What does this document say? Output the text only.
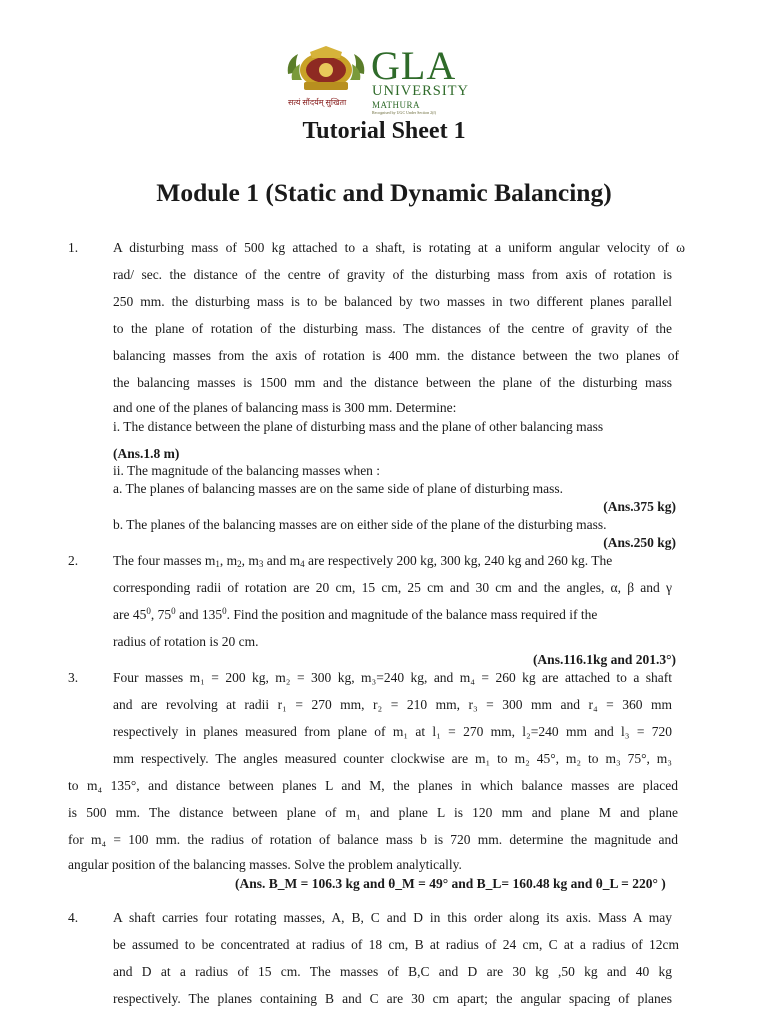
सत्यं सौंदर्यम् सुखिता
GLA
UNIVERSITY
MATHURA
Recognised by UGC Under Section 2(f)
Tutorial Sheet 1
Module 1 (Static and Dynamic Balancing)
1.	A disturbing mass of 500 kg attached to a shaft, is rotating at a uniform angular velocity of ω
rad/ sec. the distance of the centre of gravity of the disturbing mass from axis of rotation is
250 mm. the disturbing mass is to be balanced by two masses in two different planes parallel
to the plane of rotation of the disturbing mass. The distances of the centre of gravity of the
balancing masses from the axis of rotation is 400 mm. the distance between the two planes of
the balancing masses is 1500 mm and the distance between the plane of the disturbing mass
and one of the planes of balancing mass is 300 mm. Determine:
i. The distance between the plane of disturbing mass and the plane of other balancing mass
(Ans.1.8 m)
ii. The magnitude of the balancing masses when :
a. The planes of balancing masses are on the same side of plane of disturbing mass.
(Ans.375 kg)
b. The planes of the balancing masses are on either side of the plane of the disturbing mass.
(Ans.250 kg)
2.	The four masses $m_1$, $m_2$, $m_3$ and $m_4$ are respectively 200 kg, 300 kg, 240 kg and 260 kg. The
corresponding radii of rotation are 20 cm, 15 cm, 25 cm and 30 cm and the angles, α, β and γ
are $45^0$, $75^0$ and $135^0$. Find the position and magnitude of the balance mass required if the
radius of rotation is 20 cm.
(Ans.116.1kg and 201.3°)
3.	Four masses m₁ = 200 kg, m₂ = 300 kg, m₃=240 kg, and m₄ = 260 kg are attached to a shaft
and are revolving at radii r₁ = 270 mm, r₂ = 210 mm, r₃ = 300 mm and r₄ = 360 mm
respectively in planes measured from plane of m₁ at l₁ = 270 mm, l₂=240 mm and l₃ = 720
mm respectively. The angles measured counter clockwise are m₁ to m₂ 45°, m₂ to m₃ 75°, m₃
to m₄ 135°, and distance between planes L and M, the planes in which balance masses are placed
is 500 mm. The distance between plane of m₁ and plane L is 120 mm and plane M and plane
for m₄ = 100 mm. the radius of rotation of balance mass b is 720 mm. determine the magnitude and
angular position of the balancing masses. Solve the problem analytically.
(Ans. B_M = 106.3 kg and θ_M = 49° and B_L= 160.48 kg and θ_L = 220° )
4.	A shaft carries four rotating masses, A, B, C and D in this order along its axis. Mass A may
be assumed to be concentrated at radius of 18 cm, B at radius of 24 cm, C at a radius of 12cm
and D at a radius of 15 cm. The masses of B,C and D are 30 kg ,50 kg and 40 kg
respectively. The planes containing B and C are 30 cm apart; the angular spacing of planes
